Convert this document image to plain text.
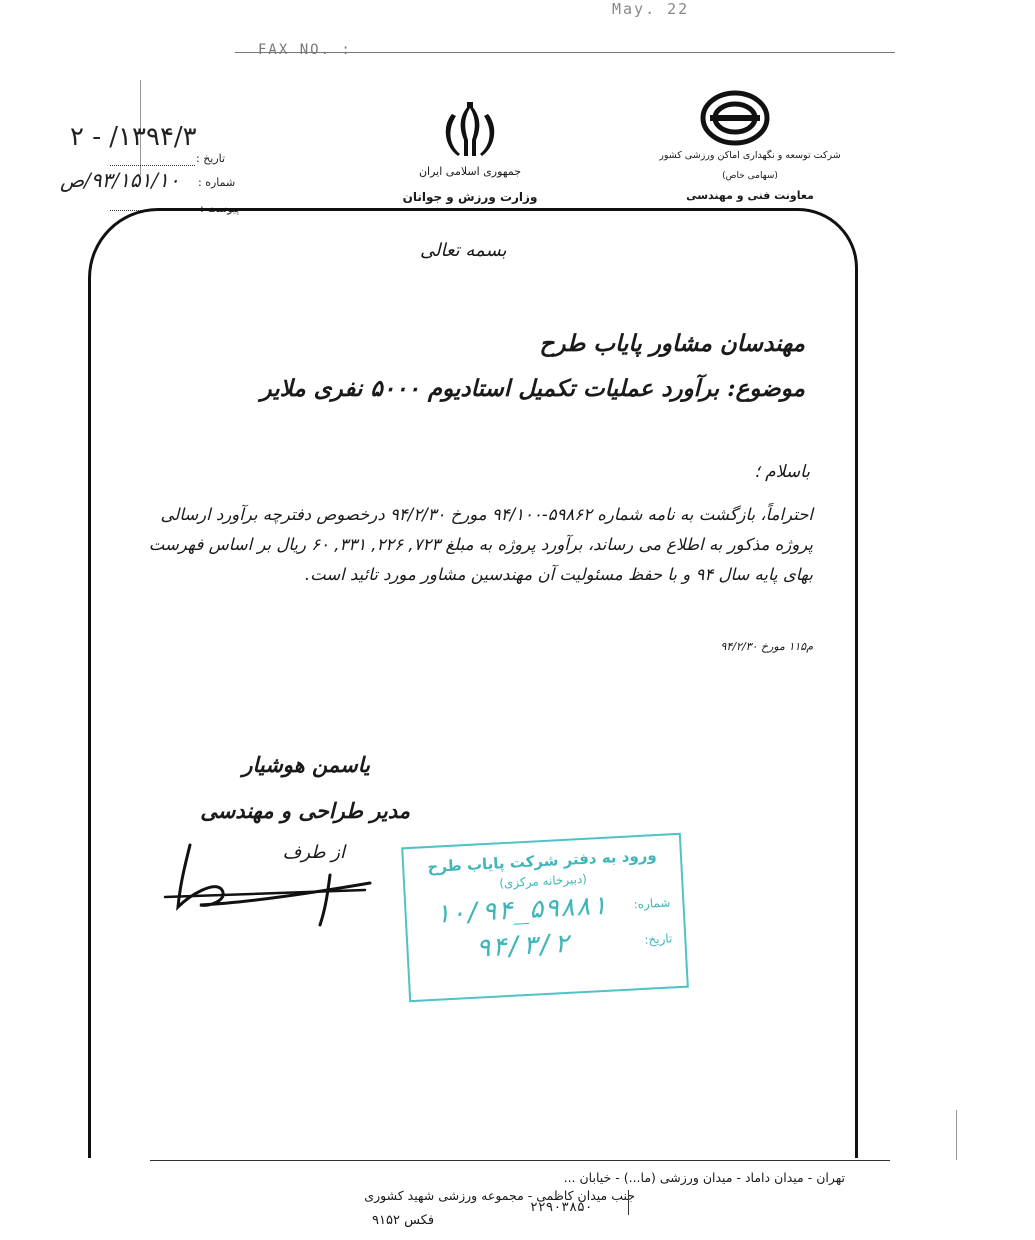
May. 22
FAX NO. :
۱۳۹۴/۳/ - ۲
تاریخ :
۹۳/۱۵۱/۱۰/ص شماره :
پیوست :
جمهوری اسلامی ایران
وزارت ورزش و جوانان
شرکت توسعه و نگهداری اماکن ورزشی کشور
(سهامی خاص)
معاونت فنی و مهندسی
بسمه تعالی
مهندسان مشاور پایاب طرح
موضوع: برآورد عملیات تکمیل استادیوم ۵۰۰۰ نفری ملایر
باسلام ؛
احتراماً، بازگشت به نامه شماره ۵۹۸۶۲-۹۴/۱۰۰ مورخ ۹۴/۲/۳۰ درخصوص دفترچه برآورد ارسالی پروژه مذکور به اطلاع می رساند، برآورد پروژه به مبلغ ۷۲۳, ۲۲۶, ۳۳۱, ۶۰ ریال بر اساس فهرست بهای پایه سال ۹۴ و با حفظ مسئولیت آن مهندسین مشاور مورد تائید است.
م۱۱۵ مورخ ۹۴/۲/۳۰
یاسمن هوشیار
مدیر طراحی و مهندسی
از طرف	ورود به دفتر شرکت پایاب طرح
(دبیرخانه مرکزی)
شماره:
۱۰/۹۴_۵۹۸۸۱
تاریخ:
۹۴/۳/۲
تهران - میدان داماد - میدان ورزشی (ما...) - خیابان ...
جنب میدان کاظمی - مجموعه ورزشی شهید کشوری
۲۲۹۰۳۸۵۰
فکس ۹۱۵۲
